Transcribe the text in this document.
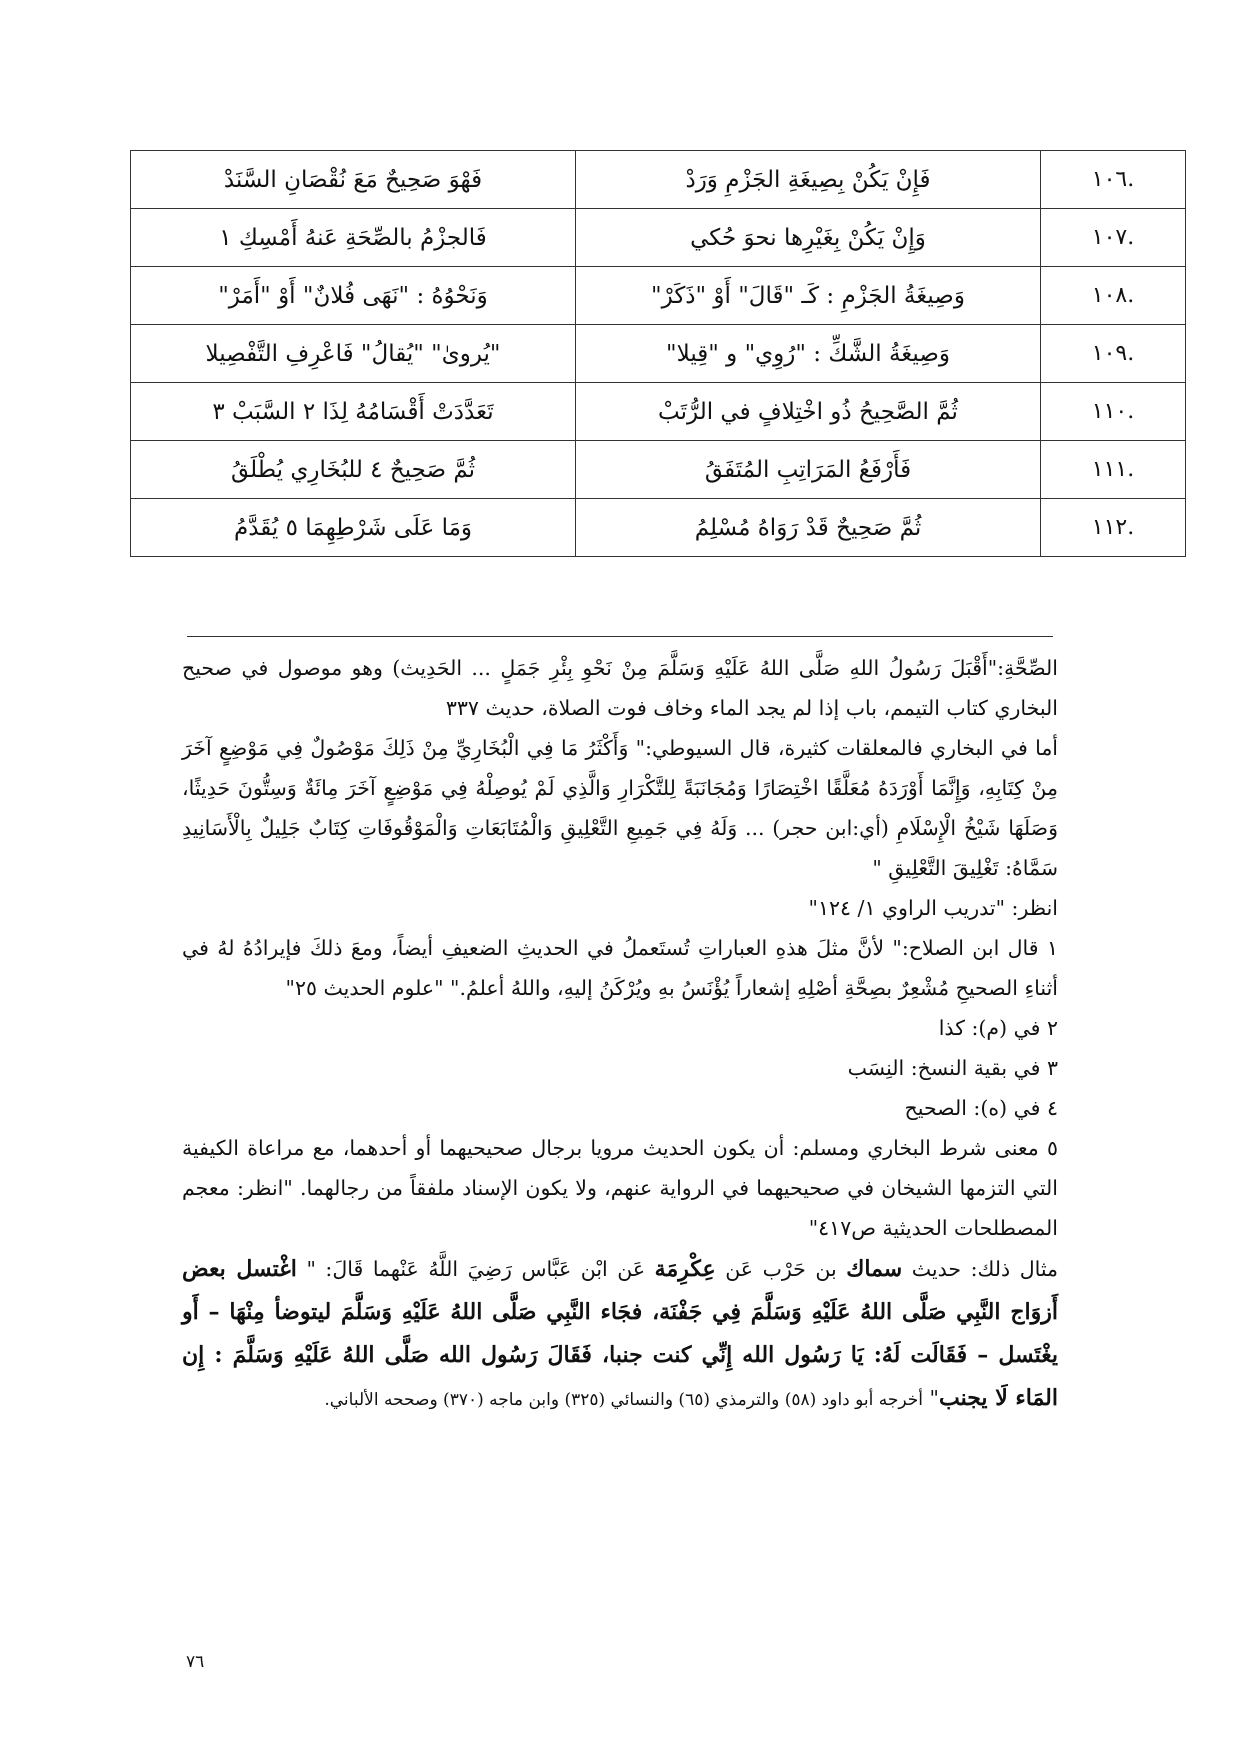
.١٠٦	فَإِنْ يَكُنْ بِصِيغَةِ الجَزْمِ وَرَدْ	فَهْوَ صَحِيحٌ مَعَ نُقْصَانِ السَّنَدْ
.١٠٧	وَإِنْ يَكُنْ بِغَيْرِها نحوَ حُكي	فَالجزْمُ بالصِّحَةِ عَنهُ أَمْسِكِ ١
.١٠٨	وَصِيغَةُ الجَزْمِ : كَـ "قَالَ" أَوْ "ذَكَرْ"	وَنَحْوُهُ : "نَهَى فُلانٌ" أَوْ "أَمَرْ"
.١٠٩	وَصِيغَةُ الشَّكِّ : "رُوِي" و "قِيلا"	"يُروىٰ" "يُقالُ" فَاعْرِفِ التَّفْصِيلا
.١١٠	ثُمَّ الصَّحِيحُ ذُو اخْتِلافٍ في الرُّتَبْ	تَعَدَّدَتْ أَقْسَامُهُ لِذَا ٢ السَّبَبْ ٣
.١١١	فَأَرْفَعُ المَرَاتِبِ المُتَفَقُ	ثُمَّ صَحِيحٌ ٤ للبُخَارِي يُطْلَقُ
.١١٢	ثُمَّ صَحِيحٌ قَدْ رَوَاهُ مُسْلِمُ	وَمَا عَلَى شَرْطِهِمَا ٥ يُقَدَّمُ

الصِّحَّةِ:"أَقْبَلَ رَسُولُ اللهِ صَلَّى اللهُ عَلَيْهِ وَسَلَّمَ مِنْ نَحْوِ بِئْرِ جَمَلٍ ... الحَدِيث) وهو موصول في صحيح البخاري كتاب التيمم، باب إذا لم يجد الماء وخاف فوت الصلاة، حديث ٣٣٧

أما في البخاري فالمعلقات كثيرة، قال السيوطي:" وَأَكْثَرُ مَا فِي الْبُخَارِيِّ مِنْ ذَلِكَ مَوْصُولٌ فِي مَوْضِعٍ آخَرَ مِنْ كِتَابِهِ، وَإِنَّمَا أَوْرَدَهُ مُعَلَّقًا اخْتِصَارًا وَمُجَانَبَةً لِلتَّكْرَارِ وَالَّذِي لَمْ يُوصِلْهُ فِي مَوْضِعٍ آخَرَ مِائَةٌ وَسِتُّونَ حَدِيثًا، وَصَلَهَا شَيْخُ الْإِسْلَامِ (أي:ابن حجر) ... وَلَهُ فِي جَمِيعِ التَّعْلِيقِ وَالْمُتَابَعَاتِ وَالْمَوْقُوفَاتِ كِتَابٌ جَلِيلٌ بِالْأَسَانِيدِ سَمَّاهُ: تَغْلِيقَ التَّعْلِيقِ "

انظر: "تدريب الراوي ١/ ١٢٤"

١ قال ابن الصلاح:" لأنَّ مثلَ هذهِ العباراتِ تُستَعملُ في الحديثِ الضعيفِ أيضاً، ومعَ ذلكَ فإيرادُهُ لهُ في أثناءِ الصحيحِ مُشْعِرٌ بصِحَّةِ أصْلِهِ إشعاراً يُؤْنَسُ بهِ ويُرْكَنُ إليهِ، واللهُ أعلمُ." "علوم الحديث ٢٥"

٢ في (م): كذا

٣ في بقية النسخ: النِسَب

٤ في (ه): الصحيح

٥ معنى شرط البخاري ومسلم: أن يكون الحديث مرويا برجال صحيحيهما أو أحدهما، مع مراعاة الكيفية التي التزمها الشيخان في صحيحيهما في الرواية عنهم، ولا يكون الإسناد ملفقاً من رجالهما. "انظر: معجم المصطلحات الحديثية ص٤١٧"

مثال ذلك: حديث سماك بن حَرْب عَن عِكْرِمَة عَن ابْن عَبَّاس رَضِيَ اللَّهُ عَنْهما قَالَ: " اغْتسل بعض أَزوَاج النَّبِي صَلَّى اللهُ عَلَيْهِ وَسَلَّمَ فِي جَفْنَة، فجَاء النَّبِي صَلَّى اللهُ عَلَيْهِ وَسَلَّمَ ليتوضأ مِنْهَا – أَو يغْتَسل – فَقَالَت لَهُ: يَا رَسُول الله إِنِّي كنت جنبا، فَقَالَ رَسُول الله صَلَّى اللهُ عَلَيْهِ وَسَلَّمَ : إِن المَاء لَا يجنب" أخرجه أبو داود (٥٨) والترمذي (٦٥) والنسائي (٣٢٥) وابن ماجه (٣٧٠) وصححه الألباني.

٧٦
